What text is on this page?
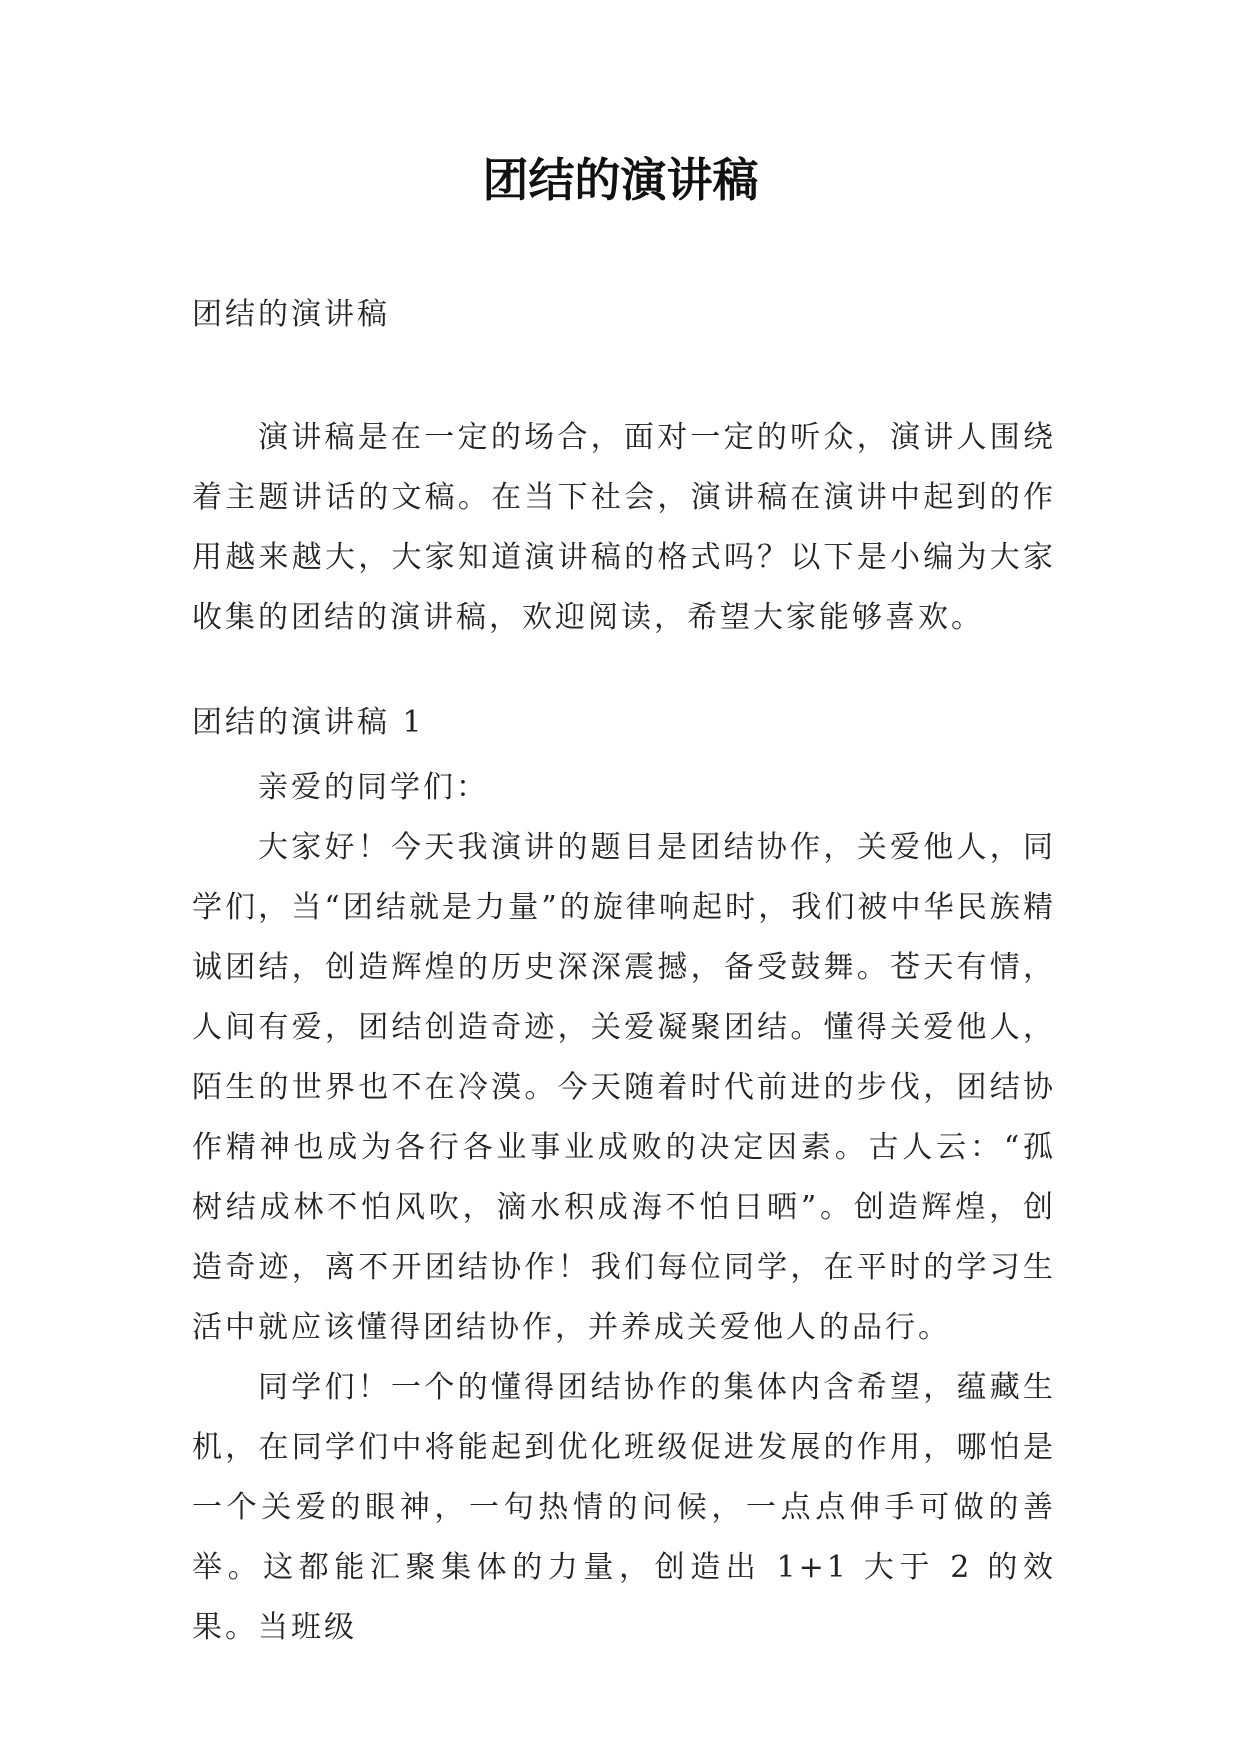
团结的演讲稿

团结的演讲稿

演讲稿是在一定的场合，面对一定的听众，演讲人围绕着主题讲话的文稿。在当下社会，演讲稿在演讲中起到的作用越来越大，大家知道演讲稿的格式吗？以下是小编为大家收集的团结的演讲稿，欢迎阅读，希望大家能够喜欢。

团结的演讲稿 1

亲爱的同学们：

大家好！今天我演讲的题目是团结协作，关爱他人，同学们，当“团结就是力量”的旋律响起时，我们被中华民族精诚团结，创造辉煌的历史深深震撼，备受鼓舞。苍天有情，人间有爱，团结创造奇迹，关爱凝聚团结。懂得关爱他人，陌生的世界也不在冷漠。今天随着时代前进的步伐，团结协作精神也成为各行各业事业成败的决定因素。古人云：“孤树结成林不怕风吹，滴水积成海不怕日晒”。创造辉煌，创造奇迹，离不开团结协作！我们每位同学，在平时的学习生活中就应该懂得团结协作，并养成关爱他人的品行。

同学们！一个的懂得团结协作的集体内含希望，蕴藏生机，在同学们中将能起到优化班级促进发展的作用，哪怕是一个关爱的眼神，一句热情的问候，一点点伸手可做的善举。这都能汇聚集体的力量，创造出 1+1 大于 2 的效果。当班级
